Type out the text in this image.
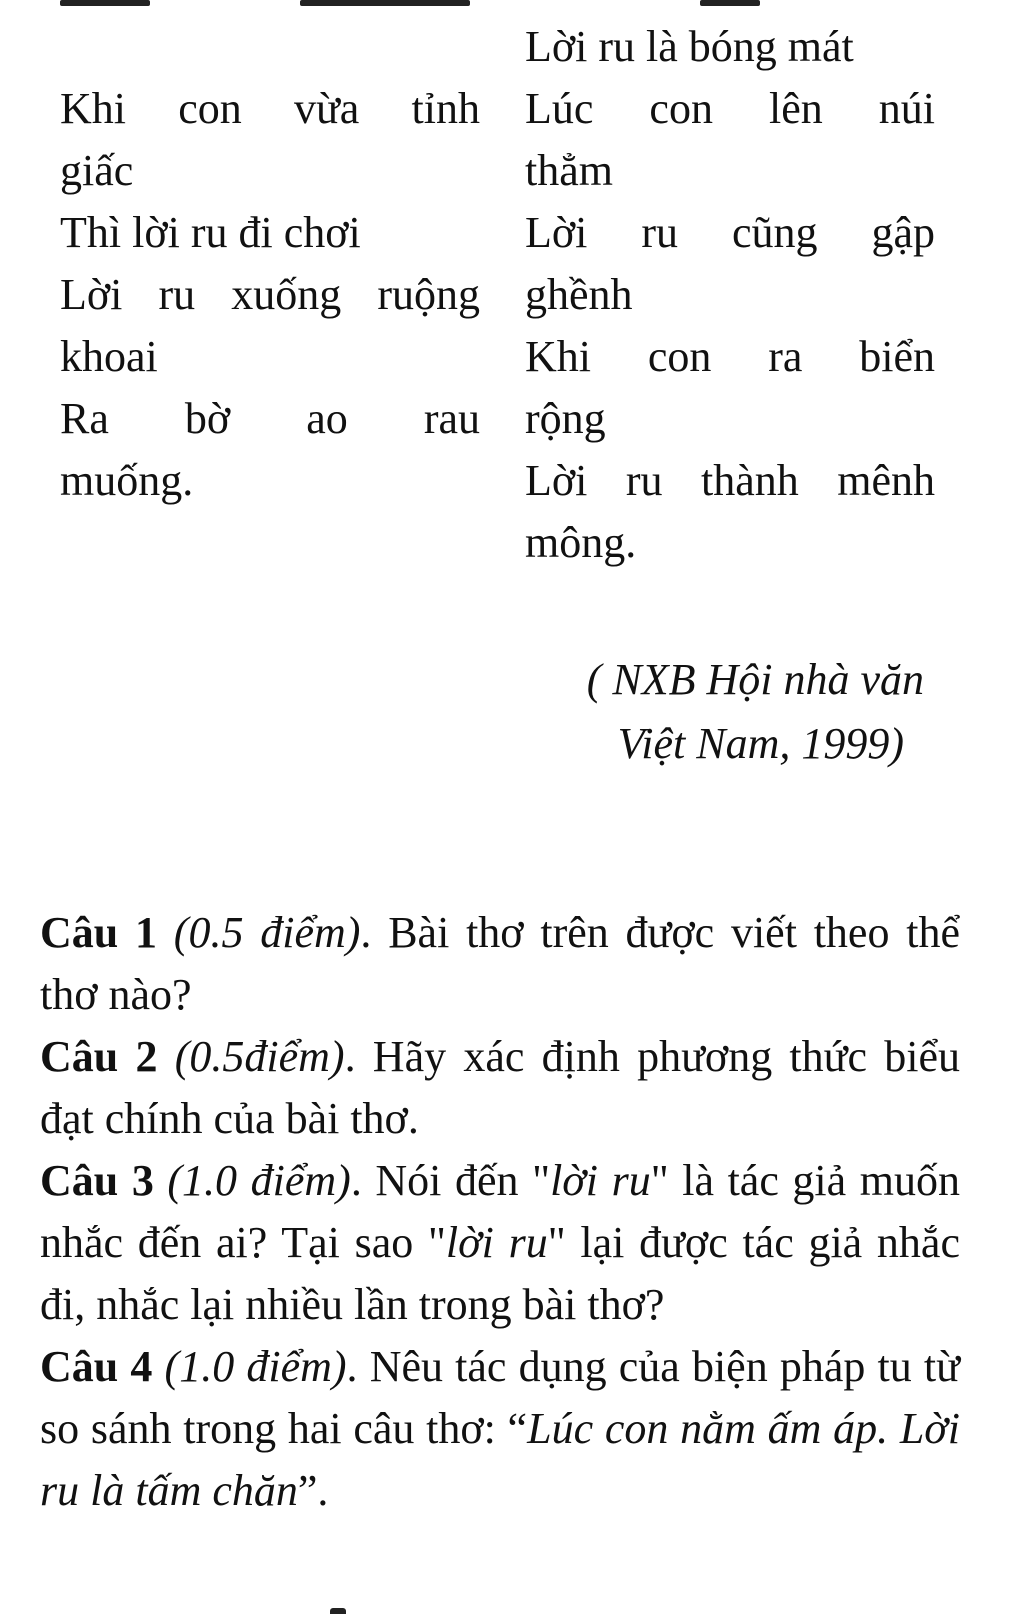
Lời ru là bóng mát
Lúc con lên núi
thẳm
Lời ru cũng gập
ghềnh
Khi con ra biển
rộng
Lời ru thành mênh
mông.
Khi con vừa tỉnh
giấc
Thì lời ru đi chơi
Lời ru xuống ruộng
khoai
Ra bờ ao rau
muống.
( NXB Hội nhà văn
Việt Nam, 1999)
Câu 1 (0.5 điểm). Bài thơ trên được viết theo thể thơ nào?
Câu 2 (0.5điểm). Hãy xác định phương thức biểu đạt chính của bài thơ.
Câu 3 (1.0 điểm). Nói đến "lời ru" là tác giả muốn nhắc đến ai? Tại sao "lời ru" lại được tác giả nhắc đi, nhắc lại nhiều lần trong bài thơ?
Câu 4 (1.0 điểm). Nêu tác dụng của biện pháp tu từ so sánh trong hai câu thơ: “Lúc con nằm ấm áp. Lời ru là tấm chăn”.
